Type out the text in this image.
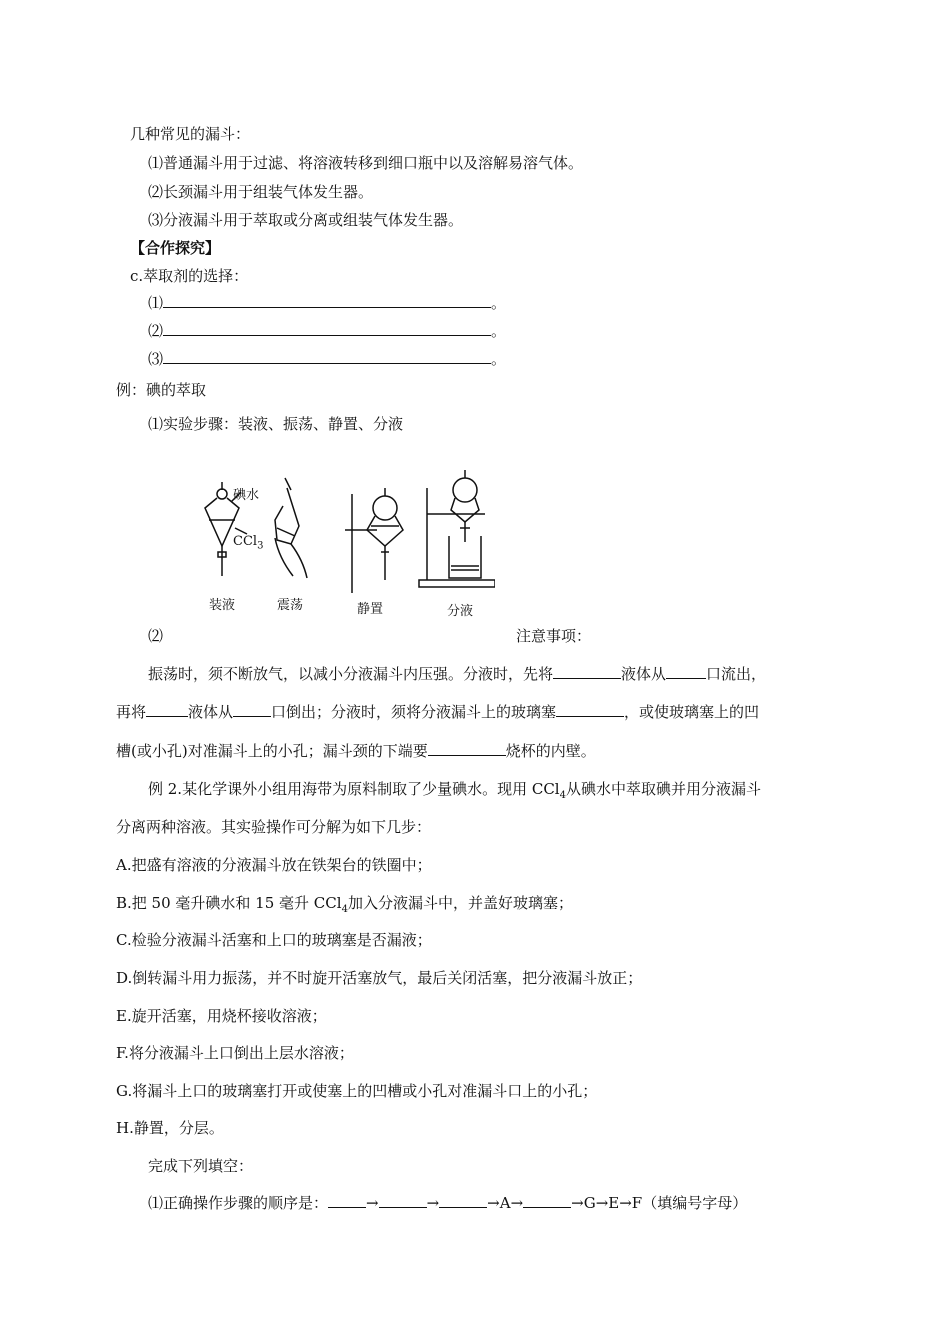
几种常见的漏斗：
⑴普通漏斗用于过滤、将溶液转移到细口瓶中以及溶解易溶气体。
⑵长颈漏斗用于组装气体发生器。
⑶分液漏斗用于萃取或分离或组装气体发生器。
【合作探究】
c.萃取剂的选择：
⑴	。
⑵	。
⑶	。
例：碘的萃取
⑴实验步骤：装液、振荡、静置、分液
碘水
CCl$_3$
装液	震荡	静置	分液
⑵	注意事项：
振荡时，须不断放气，以减小分液漏斗内压强。分液时，先将	液体从	口流出，
再将	液体从	口倒出；分液时，须将分液漏斗上的玻璃塞	，或使玻璃塞上的凹
槽(或小孔)对准漏斗上的小孔；漏斗颈的下端要	烧杯的内壁。
例 2.某化学课外小组用海带为原料制取了少量碘水。现用 CCl$_4$从碘水中萃取碘并用分液漏斗
分离两种溶液。其实验操作可分解为如下几步：
A.把盛有溶液的分液漏斗放在铁架台的铁圈中；
B.把 50 毫升碘水和 15 毫升 CCl$_4$加入分液漏斗中，并盖好玻璃塞；
C.检验分液漏斗活塞和上口的玻璃塞是否漏液；
D.倒转漏斗用力振荡，并不时旋开活塞放气，最后关闭活塞，把分液漏斗放正；
E.旋开活塞，用烧杯接收溶液；
F.将分液漏斗上口倒出上层水溶液；
G.将漏斗上口的玻璃塞打开或使塞上的凹槽或小孔对准漏斗口上的小孔；
H.静置，分层。
完成下列填空：
⑴正确操作步骤的顺序是：	→	→	→A→	→G→E→F（填编号字母）
